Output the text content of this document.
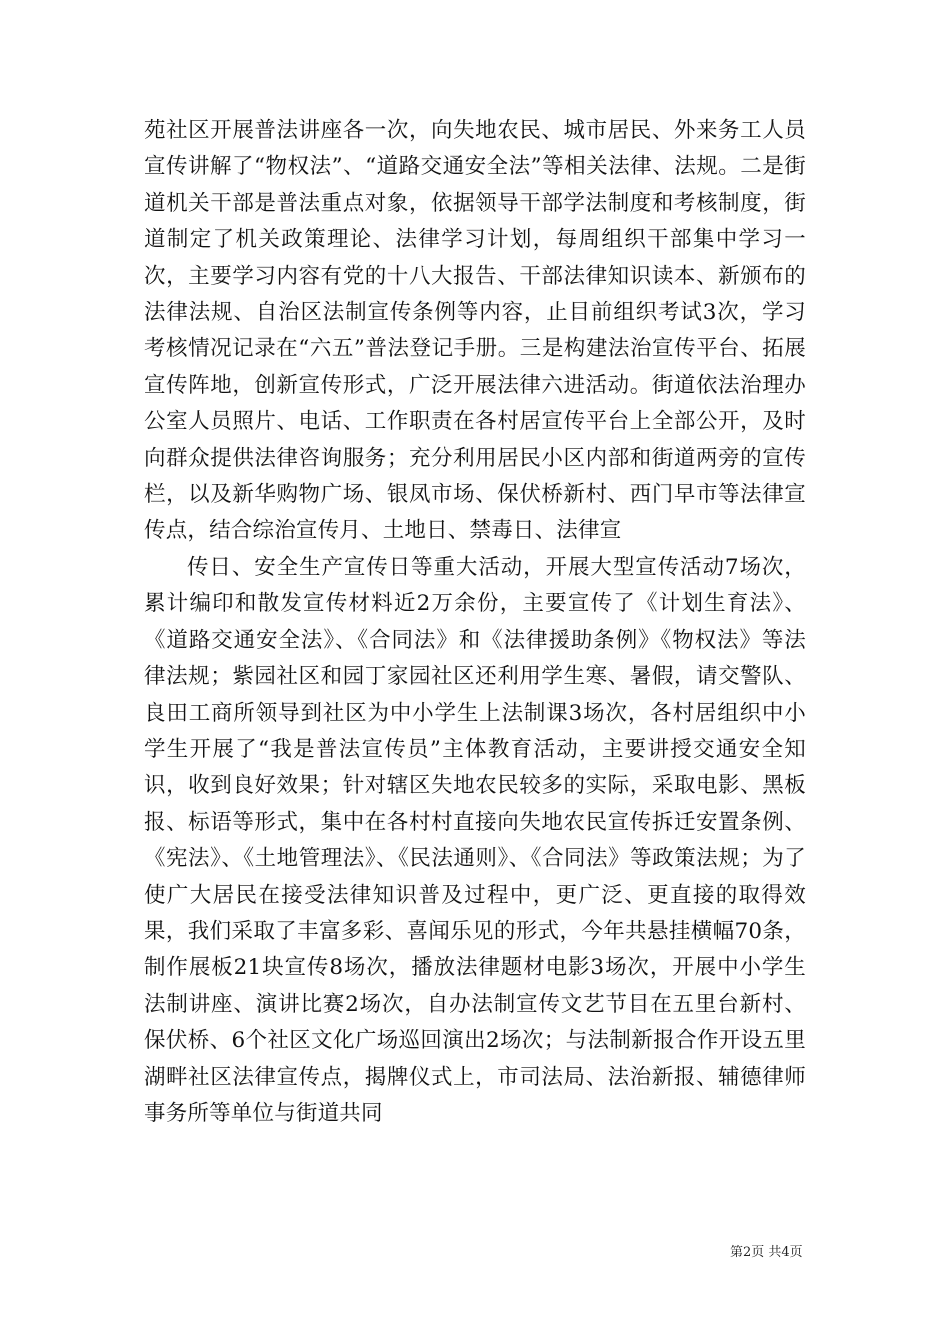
苑社区开展普法讲座各一次，向失地农民、城市居民、外来务工人员宣传讲解了“物权法”、“道路交通安全法”等相关法律、法规。二是街道机关干部是普法重点对象，依据领导干部学法制度和考核制度，街道制定了机关政策理论、法律学习计划，每周组织干部集中学习一次，主要学习内容有党的十八大报告、干部法律知识读本、新颁布的法律法规、自治区法制宣传条例等内容，止目前组织考试3次，学习考核情况记录在“六五”普法登记手册。三是构建法治宣传平台、拓展宣传阵地，创新宣传形式，广泛开展法律六进活动。街道依法治理办公室人员照片、电话、工作职责在各村居宣传平台上全部公开，及时向群众提供法律咨询服务；充分利用居民小区内部和街道两旁的宣传栏，以及新华购物广场、银凤市场、保伏桥新村、西门早市等法律宣传点，结合综治宣传月、土地日、禁毒日、法律宣

传日、安全生产宣传日等重大活动，开展大型宣传活动7场次，累计编印和散发宣传材料近2万余份，主要宣传了《计划生育法》、《道路交通安全法》、《合同法》和《法律援助条例》《物权法》等法律法规；紫园社区和园丁家园社区还利用学生寒、暑假，请交警队、良田工商所领导到社区为中小学生上法制课3场次，各村居组织中小学生开展了“我是普法宣传员”主体教育活动，主要讲授交通安全知识，收到良好效果；针对辖区失地农民较多的实际，采取电影、黑板报、标语等形式，集中在各村村直接向失地农民宣传拆迁安置条例、《宪法》、《土地管理法》、《民法通则》、《合同法》等政策法规；为了使广大居民在接受法律知识普及过程中，更广泛、更直接的取得效果，我们采取了丰富多彩、喜闻乐见的形式，今年共悬挂横幅70条，制作展板21块宣传8场次，播放法律题材电影3场次，开展中小学生法制讲座、演讲比赛2场次，自办法制宣传文艺节目在五里台新村、保伏桥、6个社区文化广场巡回演出2场次；与法制新报合作开设五里湖畔社区法律宣传点，揭牌仪式上，市司法局、法治新报、辅德律师事务所等单位与街道共同

第2页 共4页
